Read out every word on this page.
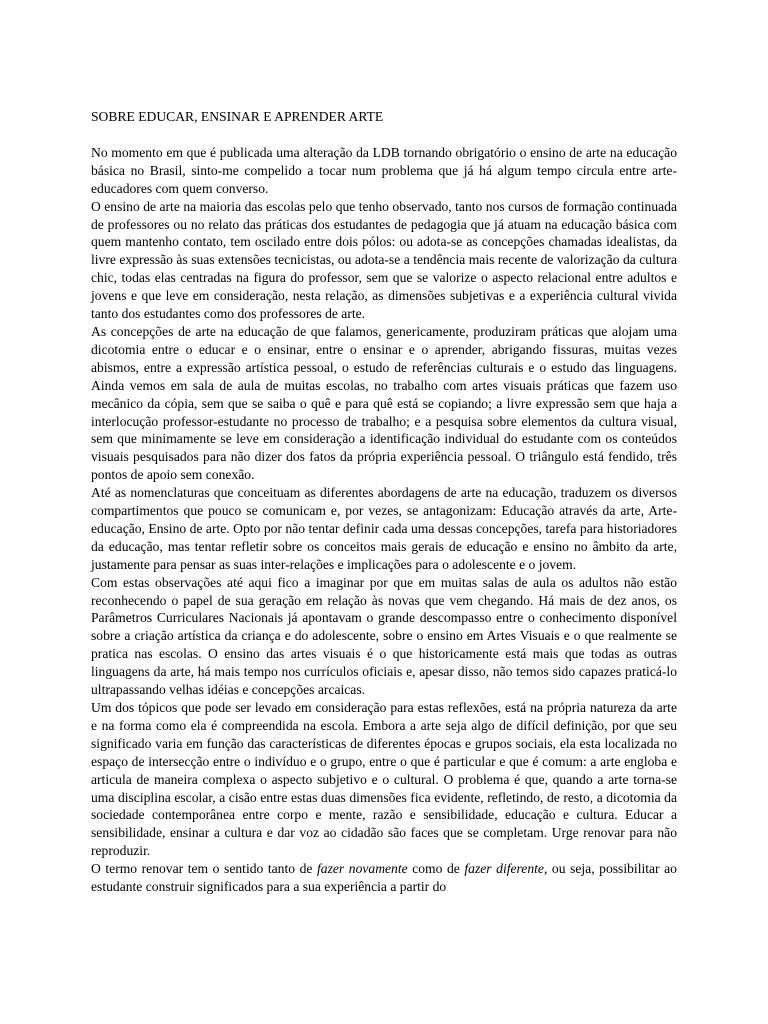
SOBRE EDUCAR, ENSINAR E APRENDER ARTE

No momento em que é publicada uma alteração da LDB tornando obrigatório o ensino de arte na educação básica no Brasil, sinto-me compelido a tocar num problema que já há algum tempo circula entre arte-educadores com quem converso.

O ensino de arte na maioria das escolas pelo que tenho observado, tanto nos cursos de formação continuada de professores ou no relato das práticas dos estudantes de pedagogia que já atuam na educação básica com quem mantenho contato, tem oscilado entre dois pólos: ou adota-se as concepções chamadas idealistas, da livre expressão às suas extensões tecnicistas, ou adota-se a tendência mais recente de valorização da cultura chic, todas elas centradas na figura do professor, sem que se valorize o aspecto relacional entre adultos e jovens e que leve em consideração, nesta relação, as dimensões subjetivas e a experiência cultural vivida tanto dos estudantes como dos professores de arte.

As concepções de arte na educação de que falamos, genericamente, produziram práticas que alojam uma dicotomia entre o educar e o ensinar, entre o ensinar e o aprender, abrigando fissuras, muitas vezes abismos, entre a expressão artística pessoal, o estudo de referências culturais e o estudo das linguagens. Ainda vemos em sala de aula de muitas escolas, no trabalho com artes visuais práticas que fazem uso mecânico da cópia, sem que se saiba o quê e para quê está se copiando; a livre expressão sem que haja a interlocução professor-estudante no processo de trabalho; e a pesquisa sobre elementos da cultura visual, sem que minimamente se leve em consideração a identificação individual do estudante com os conteúdos visuais pesquisados para não dizer dos fatos da própria experiência pessoal. O triângulo está fendido, três pontos de apoio sem conexão.

Até as nomenclaturas que conceituam as diferentes abordagens de arte na educação, traduzem os diversos compartimentos que pouco se comunicam e, por vezes, se antagonizam: Educação através da arte, Arte-educação, Ensino de arte. Opto por não tentar definir cada uma dessas concepções, tarefa para historiadores da educação, mas tentar refletir sobre os conceitos mais gerais de educação e ensino no âmbito da arte, justamente para pensar as suas inter-relações e implicações para o adolescente e o jovem.

Com estas observações até aqui fico a imaginar por que em muitas salas de aula os adultos não estão reconhecendo o papel de sua geração em relação às novas que vem chegando. Há mais de dez anos, os Parâmetros Curriculares Nacionais já apontavam o grande descompasso entre o conhecimento disponível sobre a criação artística da criança e do adolescente, sobre o ensino em Artes Visuais e o que realmente se pratica nas escolas. O ensino das artes visuais é o que historicamente está mais que todas as outras linguagens da arte, há mais tempo nos currículos oficiais e, apesar disso, não temos sido capazes praticá-lo ultrapassando velhas idéias e concepções arcaicas.

Um dos tópicos que pode ser levado em consideração para estas reflexões, está na própria natureza da arte e na forma como ela é compreendida na escola. Embora a arte seja algo de difícil definição, por que seu significado varia em função das características de diferentes épocas e grupos sociais, ela esta localizada no espaço de intersecção entre o indivíduo e o grupo, entre o que é particular e que é comum: a arte engloba e articula de maneira complexa o aspecto subjetivo e o cultural. O problema é que, quando a arte torna-se uma disciplina escolar, a cisão entre estas duas dimensões fica evidente, refletindo, de resto, a dicotomia da sociedade contemporânea entre corpo e mente, razão e sensibilidade, educação e cultura. Educar a sensibilidade, ensinar a cultura e dar voz ao cidadão são faces que se completam. Urge renovar para não reproduzir.

O termo renovar tem o sentido tanto de fazer novamente como de fazer diferente, ou seja, possibilitar ao estudante construir significados para a sua experiência a partir do
